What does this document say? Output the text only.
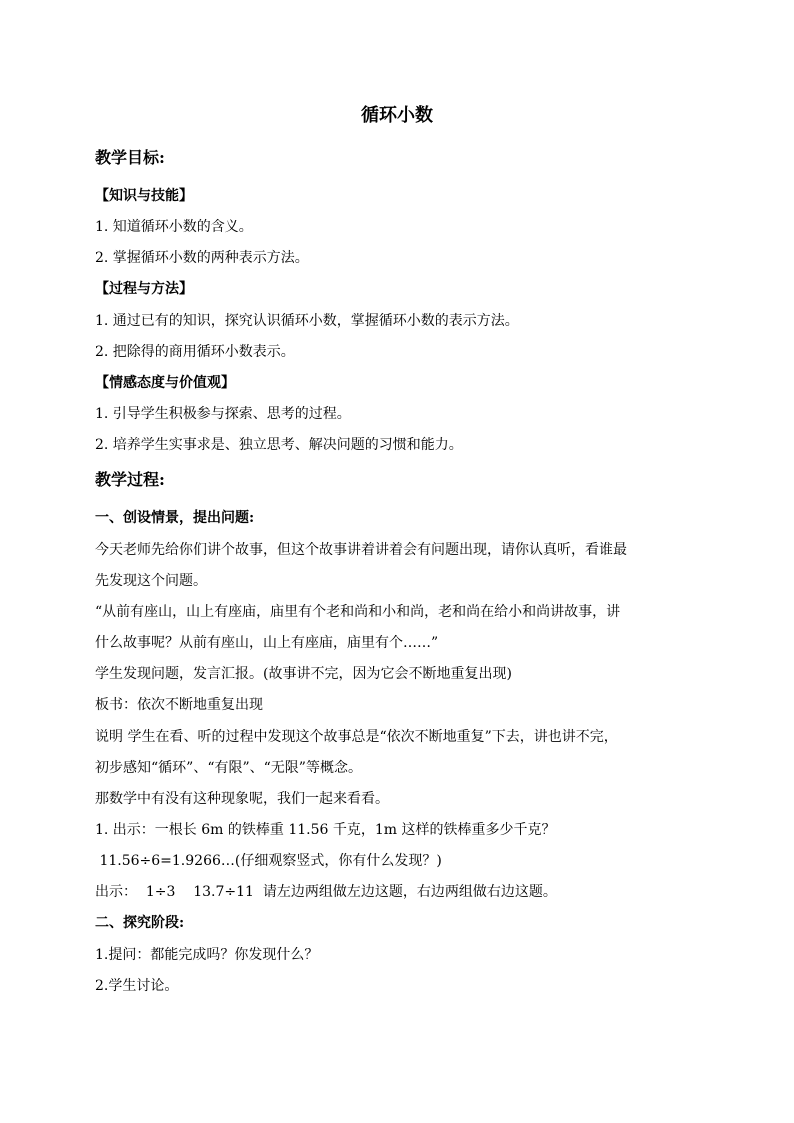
循环小数
教学目标:
【知识与技能】
1. 知道循环小数的含义。
2. 掌握循环小数的两种表示方法。
【过程与方法】
1. 通过已有的知识，探究认识循环小数，掌握循环小数的表示方法。
2. 把除得的商用循环小数表示。
【情感态度与价值观】
1. 引导学生积极参与探索、思考的过程。
2. 培养学生实事求是、独立思考、解决问题的习惯和能力。
教学过程:
一、创设情景，提出问题:
今天老师先给你们讲个故事，但这个故事讲着讲着会有问题出现，请你认真听，看谁最
先发现这个问题。
“从前有座山，山上有座庙，庙里有个老和尚和小和尚，老和尚在给小和尚讲故事，讲
什么故事呢？从前有座山，山上有座庙，庙里有个……”
学生发现问题，发言汇报。(故事讲不完，因为它会不断地重复出现)
板书：依次不断地重复出现
说明 学生在看、听的过程中发现这个故事总是“依次不断地重复”下去，讲也讲不完，
初步感知“循环”、“有限”、“无限”等概念。
那数学中有没有这种现象呢，我们一起来看看。
1. 出示：一根长 6m 的铁棒重 11.56 千克，1m 这样的铁棒重多少千克？
11.56÷6=1.9266…(仔细观察竖式，你有什么发现？)
出示：  1÷3    13.7÷11  请左边两组做左边这题，右边两组做右边这题。
二、探究阶段:
1.提问：都能完成吗？你发现什么？
2.学生讨论。
